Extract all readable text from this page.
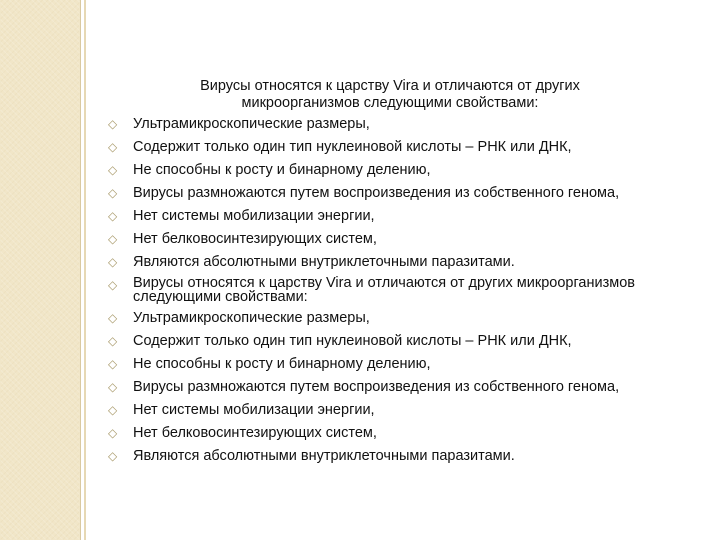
Вирусы относятся к царству Vira и отличаются от других
микроорганизмов следующими свойствами:
◇	Ультрамикроскопические размеры,
◇	Содержит только один тип нуклеиновой кислоты – РНК или ДНК,
◇	Не способны к росту и бинарному делению,
◇	Вирусы размножаются путем воспроизведения из собственного генома,
◇	Нет системы мобилизации энергии,
◇	Нет белковосинтезирующих систем,
◇	Являются абсолютными внутриклеточными паразитами.
◇	Вирусы относятся к царству Vira и отличаются от других микроорганизмов следующими свойствами:
◇	Ультрамикроскопические размеры,
◇	Содержит только один тип нуклеиновой кислоты – РНК или ДНК,
◇	Не способны к росту и бинарному делению,
◇	Вирусы размножаются путем воспроизведения из собственного генома,
◇	Нет системы мобилизации энергии,
◇	Нет белковосинтезирующих систем,
◇	Являются абсолютными внутриклеточными паразитами.
